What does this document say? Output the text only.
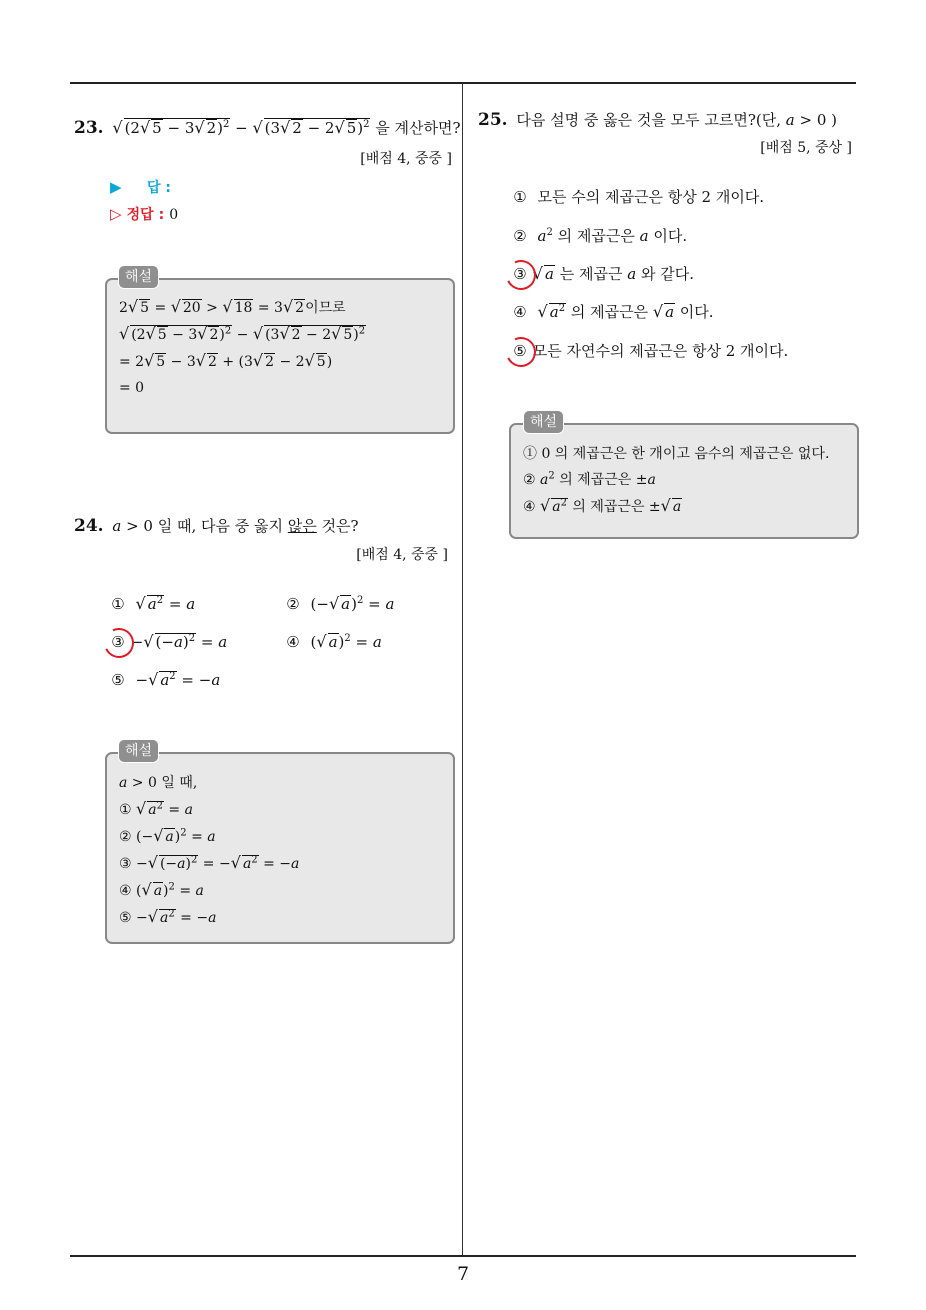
23. √ (2√ 5 − 3√ 2)$^2$ − √ (3√ 2 − 2√ 5)$^2$ 을 계산하면?
[배점 4, 중중 ]
▶ 답 :
▷ 정답 : 0
2√ 5 = √ 20 > √ 18 = 3√ 2이므로
√ (2√ 5 − 3√ 2)$^2$ − √ (3√ 2 − 2√ 5)$^2$
= 2√ 5 − 3√ 2 + (3√ 2 − 2√ 5)
= 0
해설
24. a > 0 일 때, 다음 중 옳지 않은 것은?
[배점 4, 중중 ]
① √ $a^2 = a$	②  (−√ a)$^2$ = a
③ −√ $(-a)^2 = a$	④  (√ a)$^2$ = a
⑤  −√ $a^2 = -a$
a > 0 일 때,
① √ $a^2 = a$
② (−√ a)$^2$ = a
③ −√ $(-a)^2$ = −√ $a^2 = -a$
④ (√ a)$^2$ = a
⑤ −√ $a^2 = -a$
해설
25. 다음 설명 중 옳은 것을 모두 고르면?(단, a > 0 )
[배점 5, 중상 ]
① 모든 수의 제곱근은 항상 2 개이다.
② $a^2$ 의 제곱근은 a 이다.
③ √ a 는 제곱근 a 와 같다.
④ √ $a^2$ 의 제곱근은 √ a 이다.
⑤ 모든 자연수의 제곱근은 항상 2 개이다.
① 0 의 제곱근은 한 개이고 음수의 제곱근은 없다.
② $a^2$ 의 제곱근은 ±a
④ √ $a^2$ 의 제곱근은 ±√ a
해설
7
